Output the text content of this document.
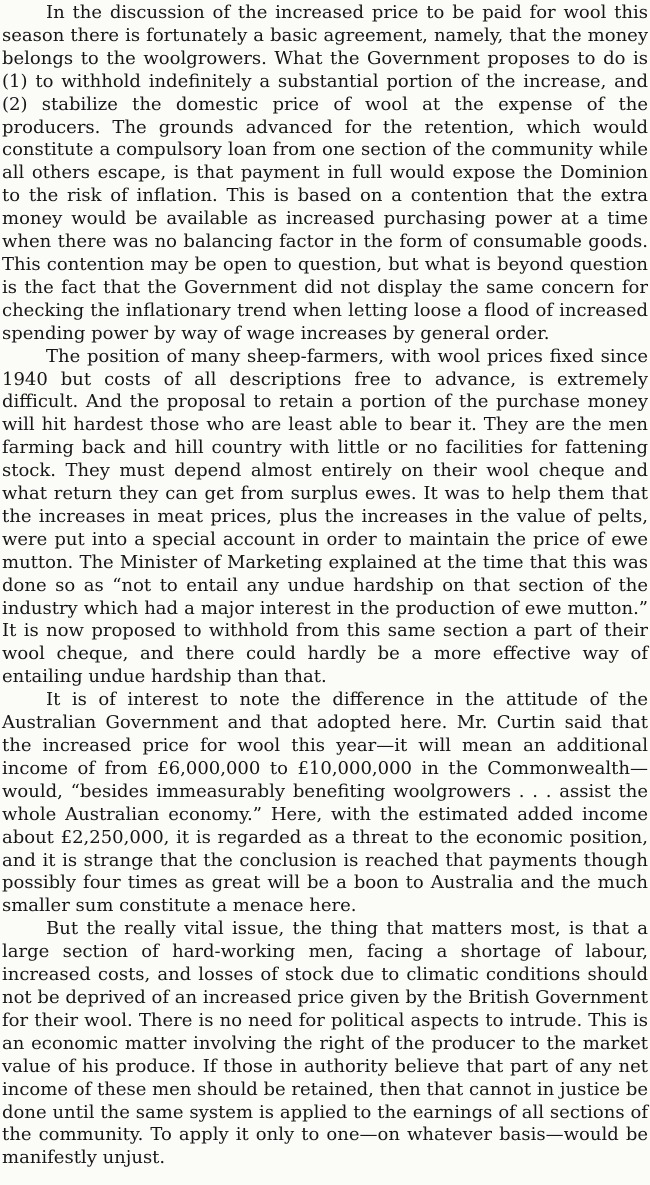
In the discussion of the increased price to be paid for wool this season there is fortunately a basic agreement, namely, that the money belongs to the woolgrowers. What the Government proposes to do is (1) to withhold indefinitely a substantial portion of the increase, and (2) stabilize the domestic price of wool at the expense of the producers. The grounds advanced for the retention, which would constitute a compulsory loan from one section of the community while all others escape, is that payment in full would expose the Dominion to the risk of inflation. This is based on a contention that the extra money would be available as increased purchasing power at a time when there was no balancing factor in the form of consumable goods. This contention may be open to question, but what is beyond question is the fact that the Government did not display the same concern for checking the inflationary trend when letting loose a flood of increased spending power by way of wage increases by general order.

The position of many sheep-farmers, with wool prices fixed since 1940 but costs of all descriptions free to advance, is extremely difficult. And the proposal to retain a portion of the purchase money will hit hardest those who are least able to bear it. They are the men farming back and hill country with little or no facilities for fattening stock. They must depend almost entirely on their wool cheque and what return they can get from surplus ewes. It was to help them that the increases in meat prices, plus the increases in the value of pelts, were put into a special account in order to maintain the price of ewe mutton. The Minister of Marketing explained at the time that this was done so as “not to entail any undue hardship on that section of the industry which had a major interest in the production of ewe mutton.” It is now proposed to withhold from this same section a part of their wool cheque, and there could hardly be a more effective way of entailing undue hardship than that.

It is of interest to note the difference in the attitude of the Australian Government and that adopted here. Mr. Curtin said that the increased price for wool this year—it will mean an additional income of from £6,000,000 to £10,000,000 in the Commonwealth—would, “besides immeasurably benefiting woolgrowers . . . assist the whole Australian economy.” Here, with the estimated added income about £2,250,000, it is regarded as a threat to the economic position, and it is strange that the conclusion is reached that payments though possibly four times as great will be a boon to Australia and the much smaller sum constitute a menace here.

But the really vital issue, the thing that matters most, is that a large section of hard-working men, facing a shortage of labour, increased costs, and losses of stock due to climatic conditions should not be deprived of an increased price given by the British Government for their wool. There is no need for political aspects to intrude. This is an economic matter involving the right of the producer to the market value of his produce. If those in authority believe that part of any net income of these men should be retained, then that cannot in justice be done until the same system is applied to the earnings of all sections of the community. To apply it only to one—on whatever basis—would be manifestly unjust.
